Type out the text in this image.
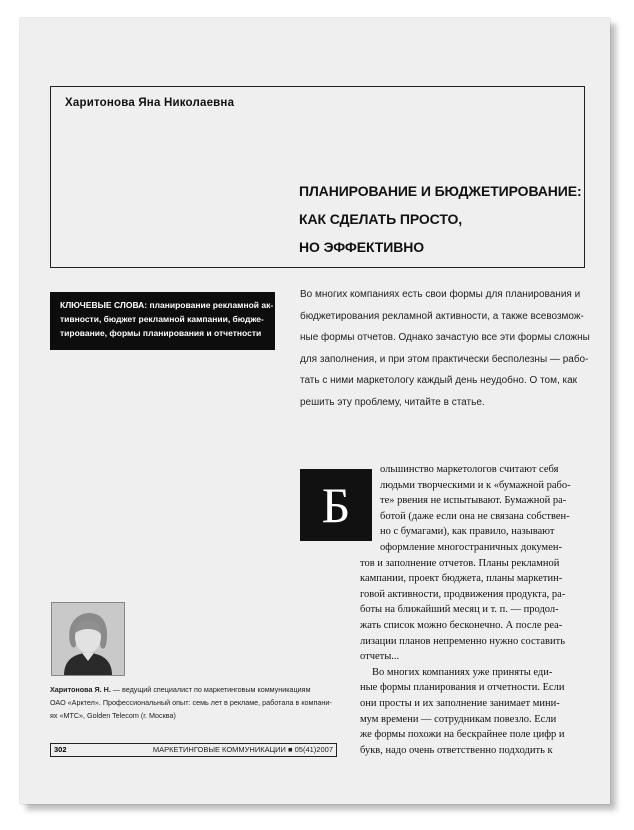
Харитонова Яна Николаевна
ПЛАНИРОВАНИЕ И БЮДЖЕТИРОВАНИЕ:
КАК СДЕЛАТЬ ПРОСТО,
НО ЭФФЕКТИВНО
КЛЮЧЕВЫЕ СЛОВА: планирование рекламной ак-
тивности, бюджет рекламной кампании, бюдже-
тирование, формы планирования и отчетности
Во многих компаниях есть свои формы для планирования и
бюджетирования рекламной активности, а также всевозмож-
ные формы отчетов. Однако зачастую все эти формы сложны
для заполнения, и при этом практически бесполезны — рабо-
тать с ними маркетологу каждый день неудобно. О том, как
решить эту проблему, читайте в статье.
Б
ольшинство маркетологов считают себя
людьми творческими и к «бумажной рабо-
те» рвения не испытывают. Бумажной ра-
ботой (даже если она не связана собствен-
но с бумагами), как правило, называют
оформление многостраничных докумен-
тов и заполнение отчетов. Планы рекламной
кампании, проект бюджета, планы маркетин-
говой активности, продвижения продукта, ра-
боты на ближайший месяц и т. п. — продол-
жать список можно бесконечно. А после реа-
лизации планов непременно нужно составить
отчеты...
Во многих компаниях уже приняты еди-
ные формы планирования и отчетности. Если
они просты и их заполнение занимает мини-
мум времени — сотрудникам повезло. Если
же формы похожи на бескрайнее поле цифр и
букв, надо очень ответственно подходить к
Харитонова Я. Н. — ведущий специалист по маркетинговым коммуникациям
ОАО «Арктел». Профессиональный опыт: семь лет в рекламе, работала в компани-
ях «МТС», Golden Telecom (г. Москва)
302	МАРКЕТИНГОВЫЕ КОММУНИКАЦИИ ■ 05(41)2007
